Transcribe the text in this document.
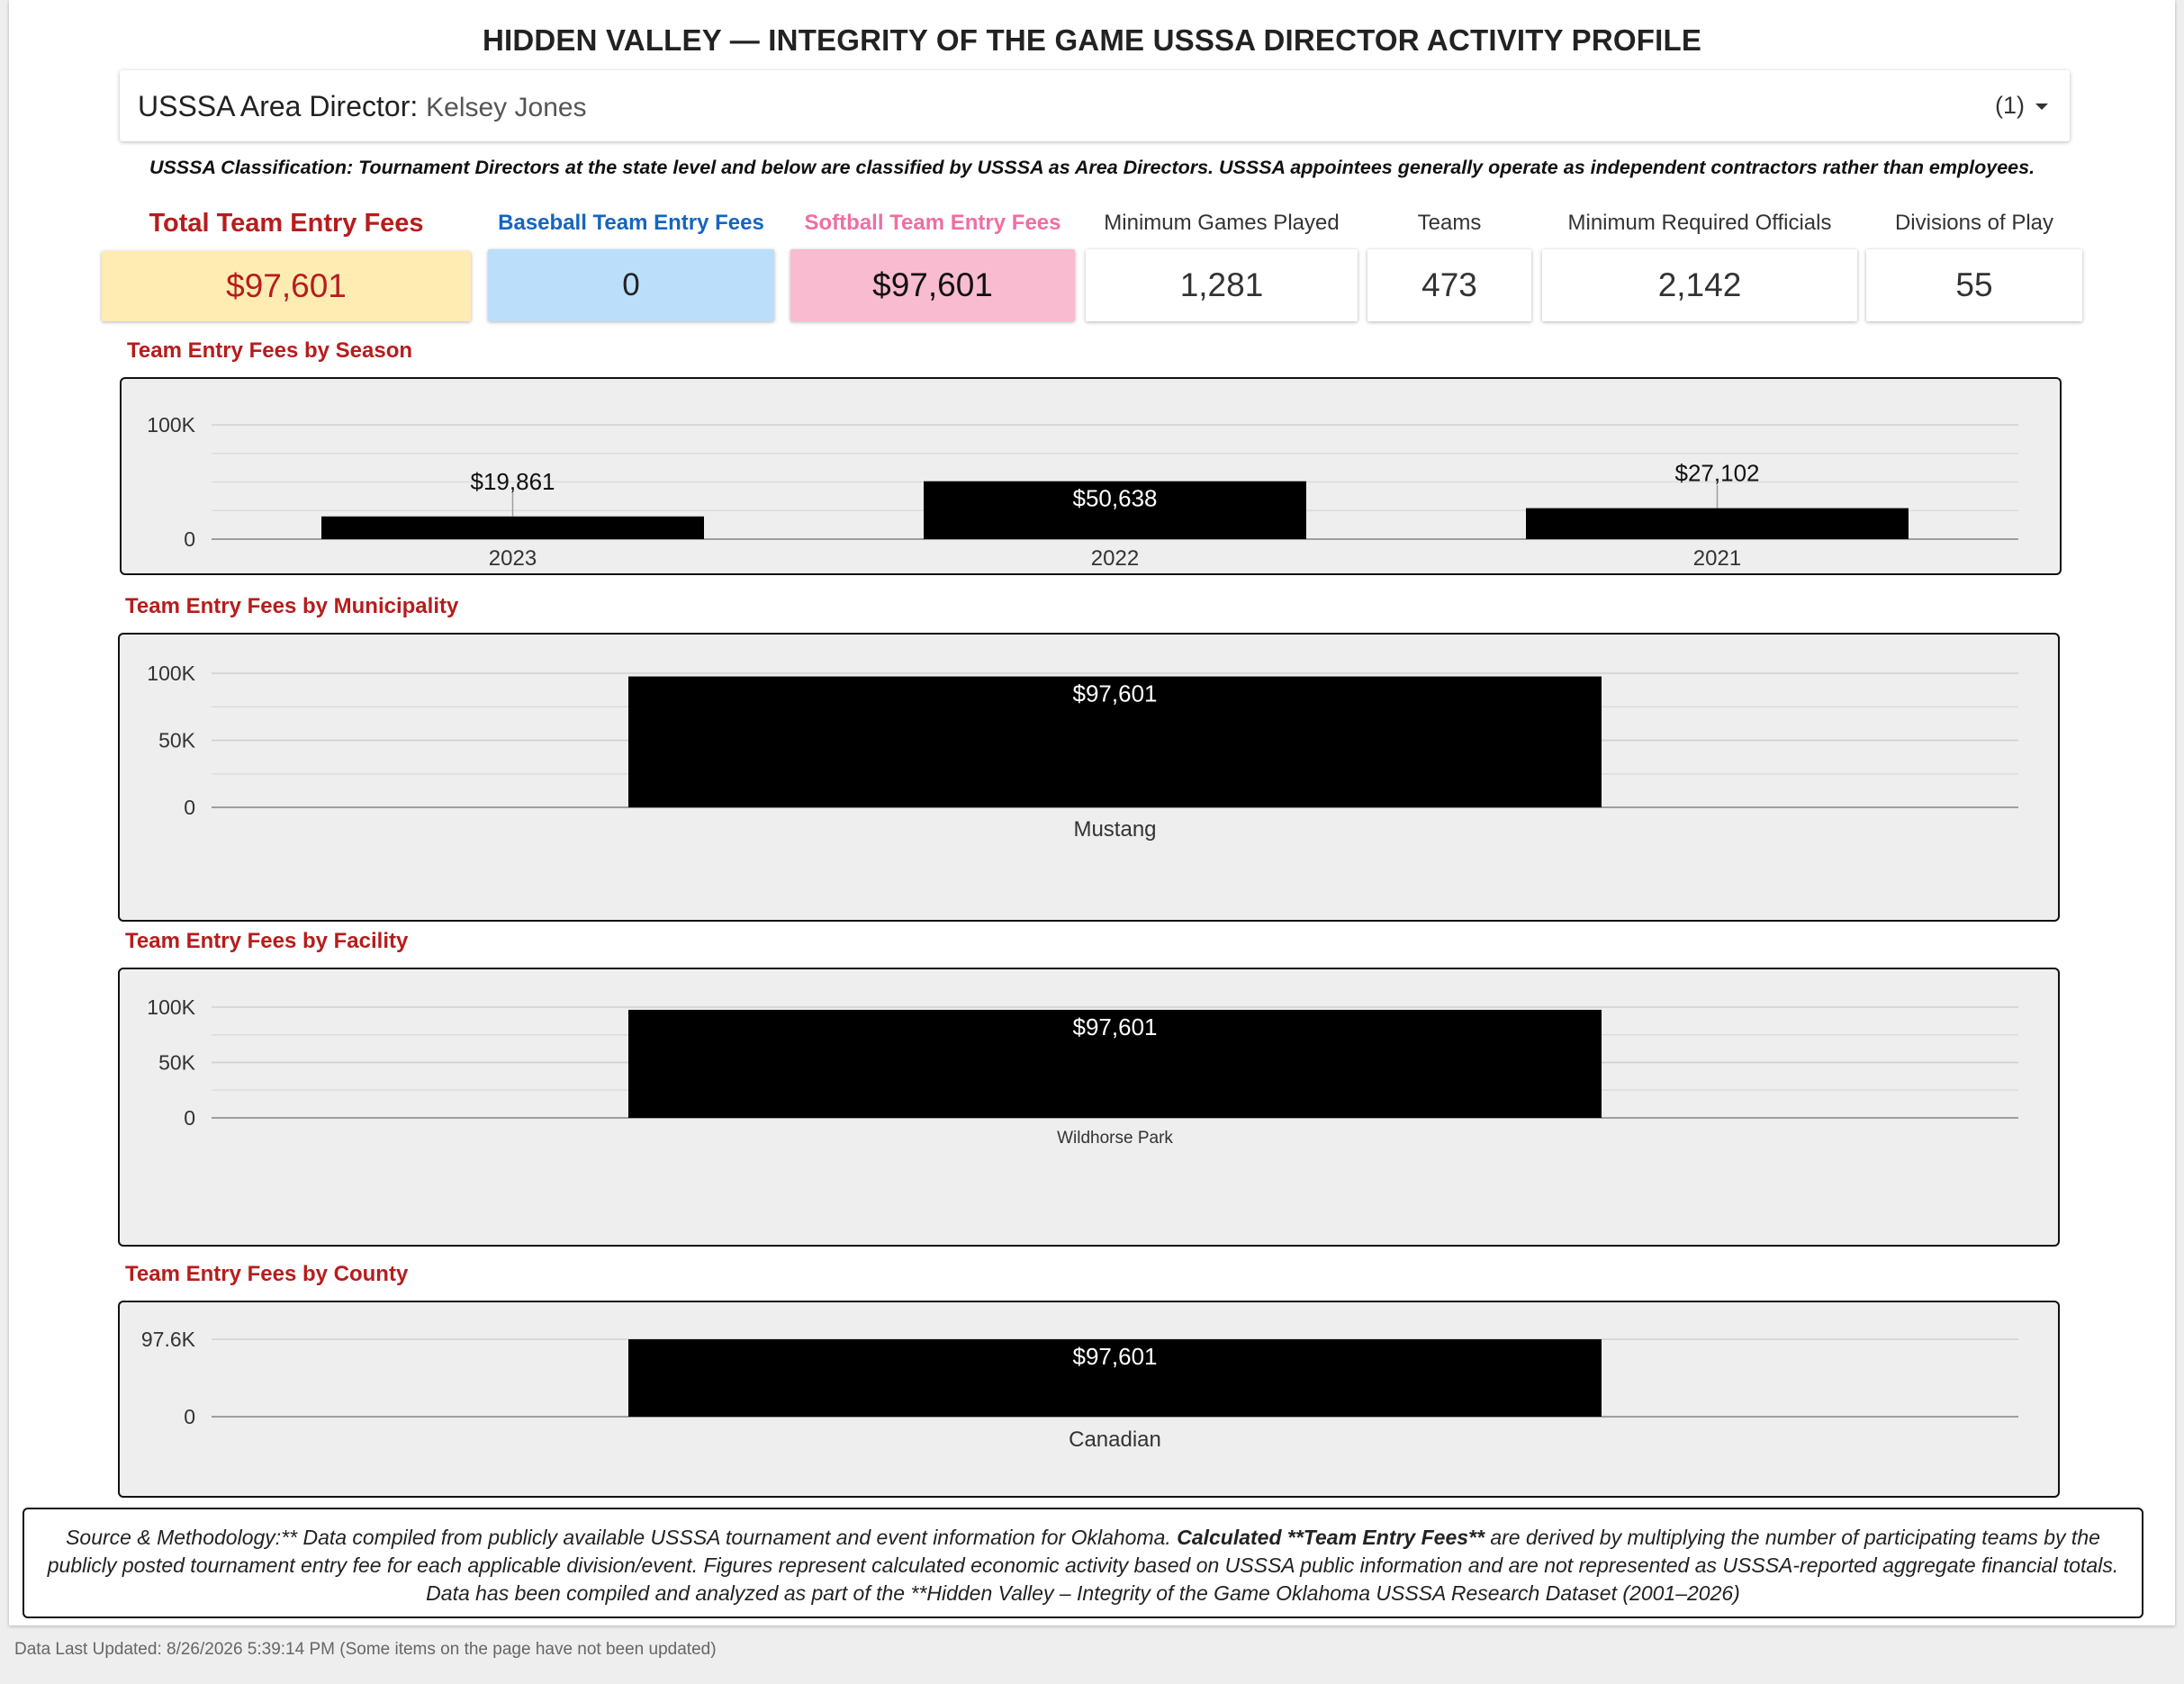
HIDDEN VALLEY — INTEGRITY OF THE GAME USSSA DIRECTOR ACTIVITY PROFILE
USSSA Area Director: Kelsey Jones	(1)
USSSA Classification: Tournament Directors at the state level and below are classified by USSSA as Area Directors. USSSA appointees generally operate as independent contractors rather than employees.
Total Team Entry Fees
$97,601
Baseball Team Entry Fees
0
Softball Team Entry Fees
$97,601
Minimum Games Played
1,281
Teams
473
Minimum Required Officials
2,142
Divisions of Play
55
Team Entry Fees by Season
0
100K
$19,861
2023
$50,638
2022
$27,102
2021
Team Entry Fees by Municipality
0
50K
100K
$97,601
Mustang
Team Entry Fees by Facility
0
50K
100K
$97,601
Wildhorse Park
Team Entry Fees by County
0
97.6K
$97,601
Canadian
Source & Methodology:** Data compiled from publicly available USSSA tournament and event information for Oklahoma. Calculated **Team Entry Fees** are derived by multiplying the number of participating teams by the publicly posted tournament entry fee for each applicable division/event. Figures represent calculated economic activity based on USSSA public information and are not represented as USSSA-reported aggregate financial totals. Data has been compiled and analyzed as part of the **Hidden Valley – Integrity of the Game Oklahoma USSSA Research Dataset (2001–2026)
Data Last Updated: 8/26/2026 5:39:14 PM (Some items on the page have not been updated)
